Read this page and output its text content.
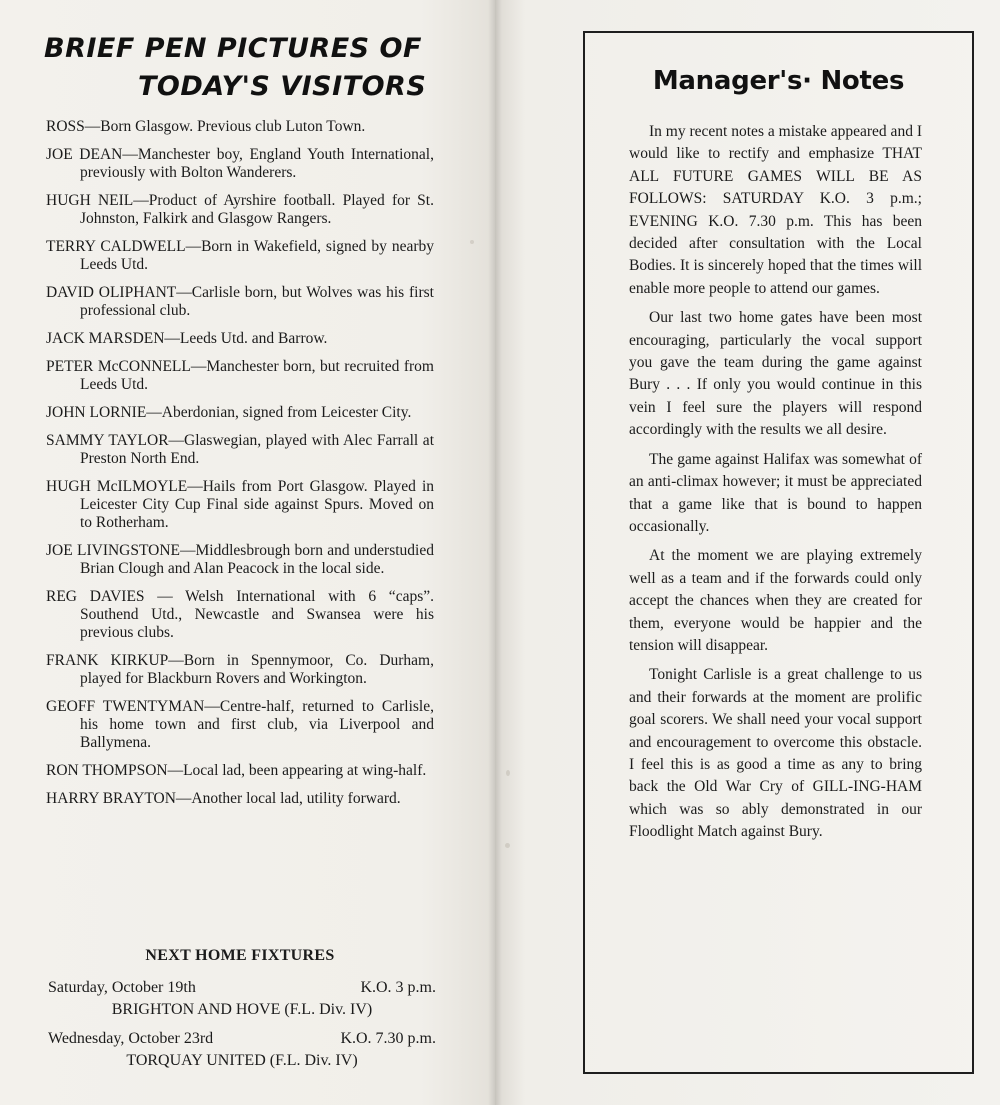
BRIEF PEN PICTURES OF
TODAY'S VISITORS

ROSS—Born Glasgow. Previous club Luton Town.

JOE DEAN—Manchester boy, England Youth International, previously with Bolton Wanderers.

HUGH NEIL—Product of Ayrshire football. Played for St. Johnston, Falkirk and Glasgow Rangers.

TERRY CALDWELL—Born in Wakefield, signed by nearby Leeds Utd.

DAVID OLIPHANT—Carlisle born, but Wolves was his first professional club.

JACK MARSDEN—Leeds Utd. and Barrow.

PETER McCONNELL—Manchester born, but recruited from Leeds Utd.

JOHN LORNIE—Aberdonian, signed from Leicester City.

SAMMY TAYLOR—Glaswegian, played with Alec Farrall at Preston North End.

HUGH McILMOYLE—Hails from Port Glasgow. Played in Leicester City Cup Final side against Spurs. Moved on to Rotherham.

JOE LIVINGSTONE—Middlesbrough born and understudied Brian Clough and Alan Peacock in the local side.

REG DAVIES — Welsh International with 6 “caps”. Southend Utd., Newcastle and Swansea were his previous clubs.

FRANK KIRKUP—Born in Spennymoor, Co. Durham, played for Blackburn Rovers and Workington.

GEOFF TWENTYMAN—Centre-half, returned to Carlisle, his home town and first club, via Liverpool and Ballymena.

RON THOMPSON—Local lad, been appearing at wing-half.

HARRY BRAYTON—Another local lad, utility forward.

NEXT HOME FIXTURES
Saturday, October 19th	K.O. 3 p.m.
BRIGHTON AND HOVE (F.L. Div. IV)
Wednesday, October 23rd	K.O. 7.30 p.m.
TORQUAY UNITED (F.L. Div. IV)
Manager's· Notes

In my recent notes a mistake appeared and I would like to rectify and emphasize THAT ALL FUTURE GAMES WILL BE AS FOLLOWS: SATURDAY K.O. 3 p.m.; EVENING K.O. 7.30 p.m. This has been decided after consultation with the Local Bodies. It is sincerely hoped that the times will enable more people to attend our games.

Our last two home gates have been most encouraging, particularly the vocal support you gave the team during the game against Bury . . . If only you would continue in this vein I feel sure the players will respond accordingly with the results we all desire.

The game against Halifax was somewhat of an anti-climax however; it must be appreciated that a game like that is bound to happen occasionally.

At the moment we are playing extremely well as a team and if the forwards could only accept the chances when they are created for them, everyone would be happier and the tension will disappear.

Tonight Carlisle is a great challenge to us and their forwards at the moment are prolific goal scorers. We shall need your vocal support and encouragement to overcome this obstacle. I feel this is as good a time as any to bring back the Old War Cry of GILL-ING-HAM which was so ably demonstrated in our Floodlight Match against Bury.
